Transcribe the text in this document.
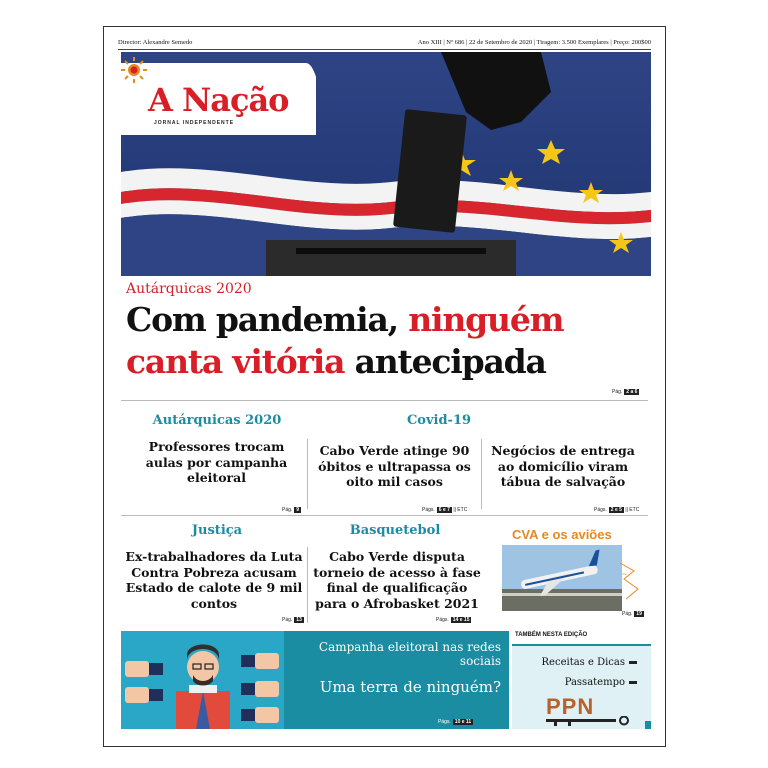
Director: Alexandre Semedo	Ano XIII | Nº 686 | 22 de Setembro de 2020 | Tiragem: 3.500 Exemplares | Preço: 200$00
A Nação
JORNAL INDEPENDENTE
Autárquicas 2020
Com pandemia, ninguém
canta vitória antecipada
Pág. 2 a 6
Autárquicas 2020	Covid-19
Professores trocam aulas por campanha eleitoral
Cabo Verde atinge 90 óbitos e ultrapassa os oito mil casos
Negócios de entrega ao domicílio viram tábua de salvação
Pág. 9	Págs. 6 e 7 || ETC	Págs. 2 e 5 || ETC
Justiça	Basquetebol	CVA e os aviões
Ex-trabalhadores da Luta Contra Pobreza acusam Estado de calote de 9 mil contos
Cabo Verde disputa torneio de acesso à fase final de qualificação para o Afrobasket 2021
~
Pág. 13	Págs. 14 e 15
Pág. 19
Campanha eleitoral nas redes sociais
Uma terra de ninguém?
Págs. 10 e 11
TAMBÉM NESTA EDIÇÃO
Receitas e Dicas
Passatempo
PPN
